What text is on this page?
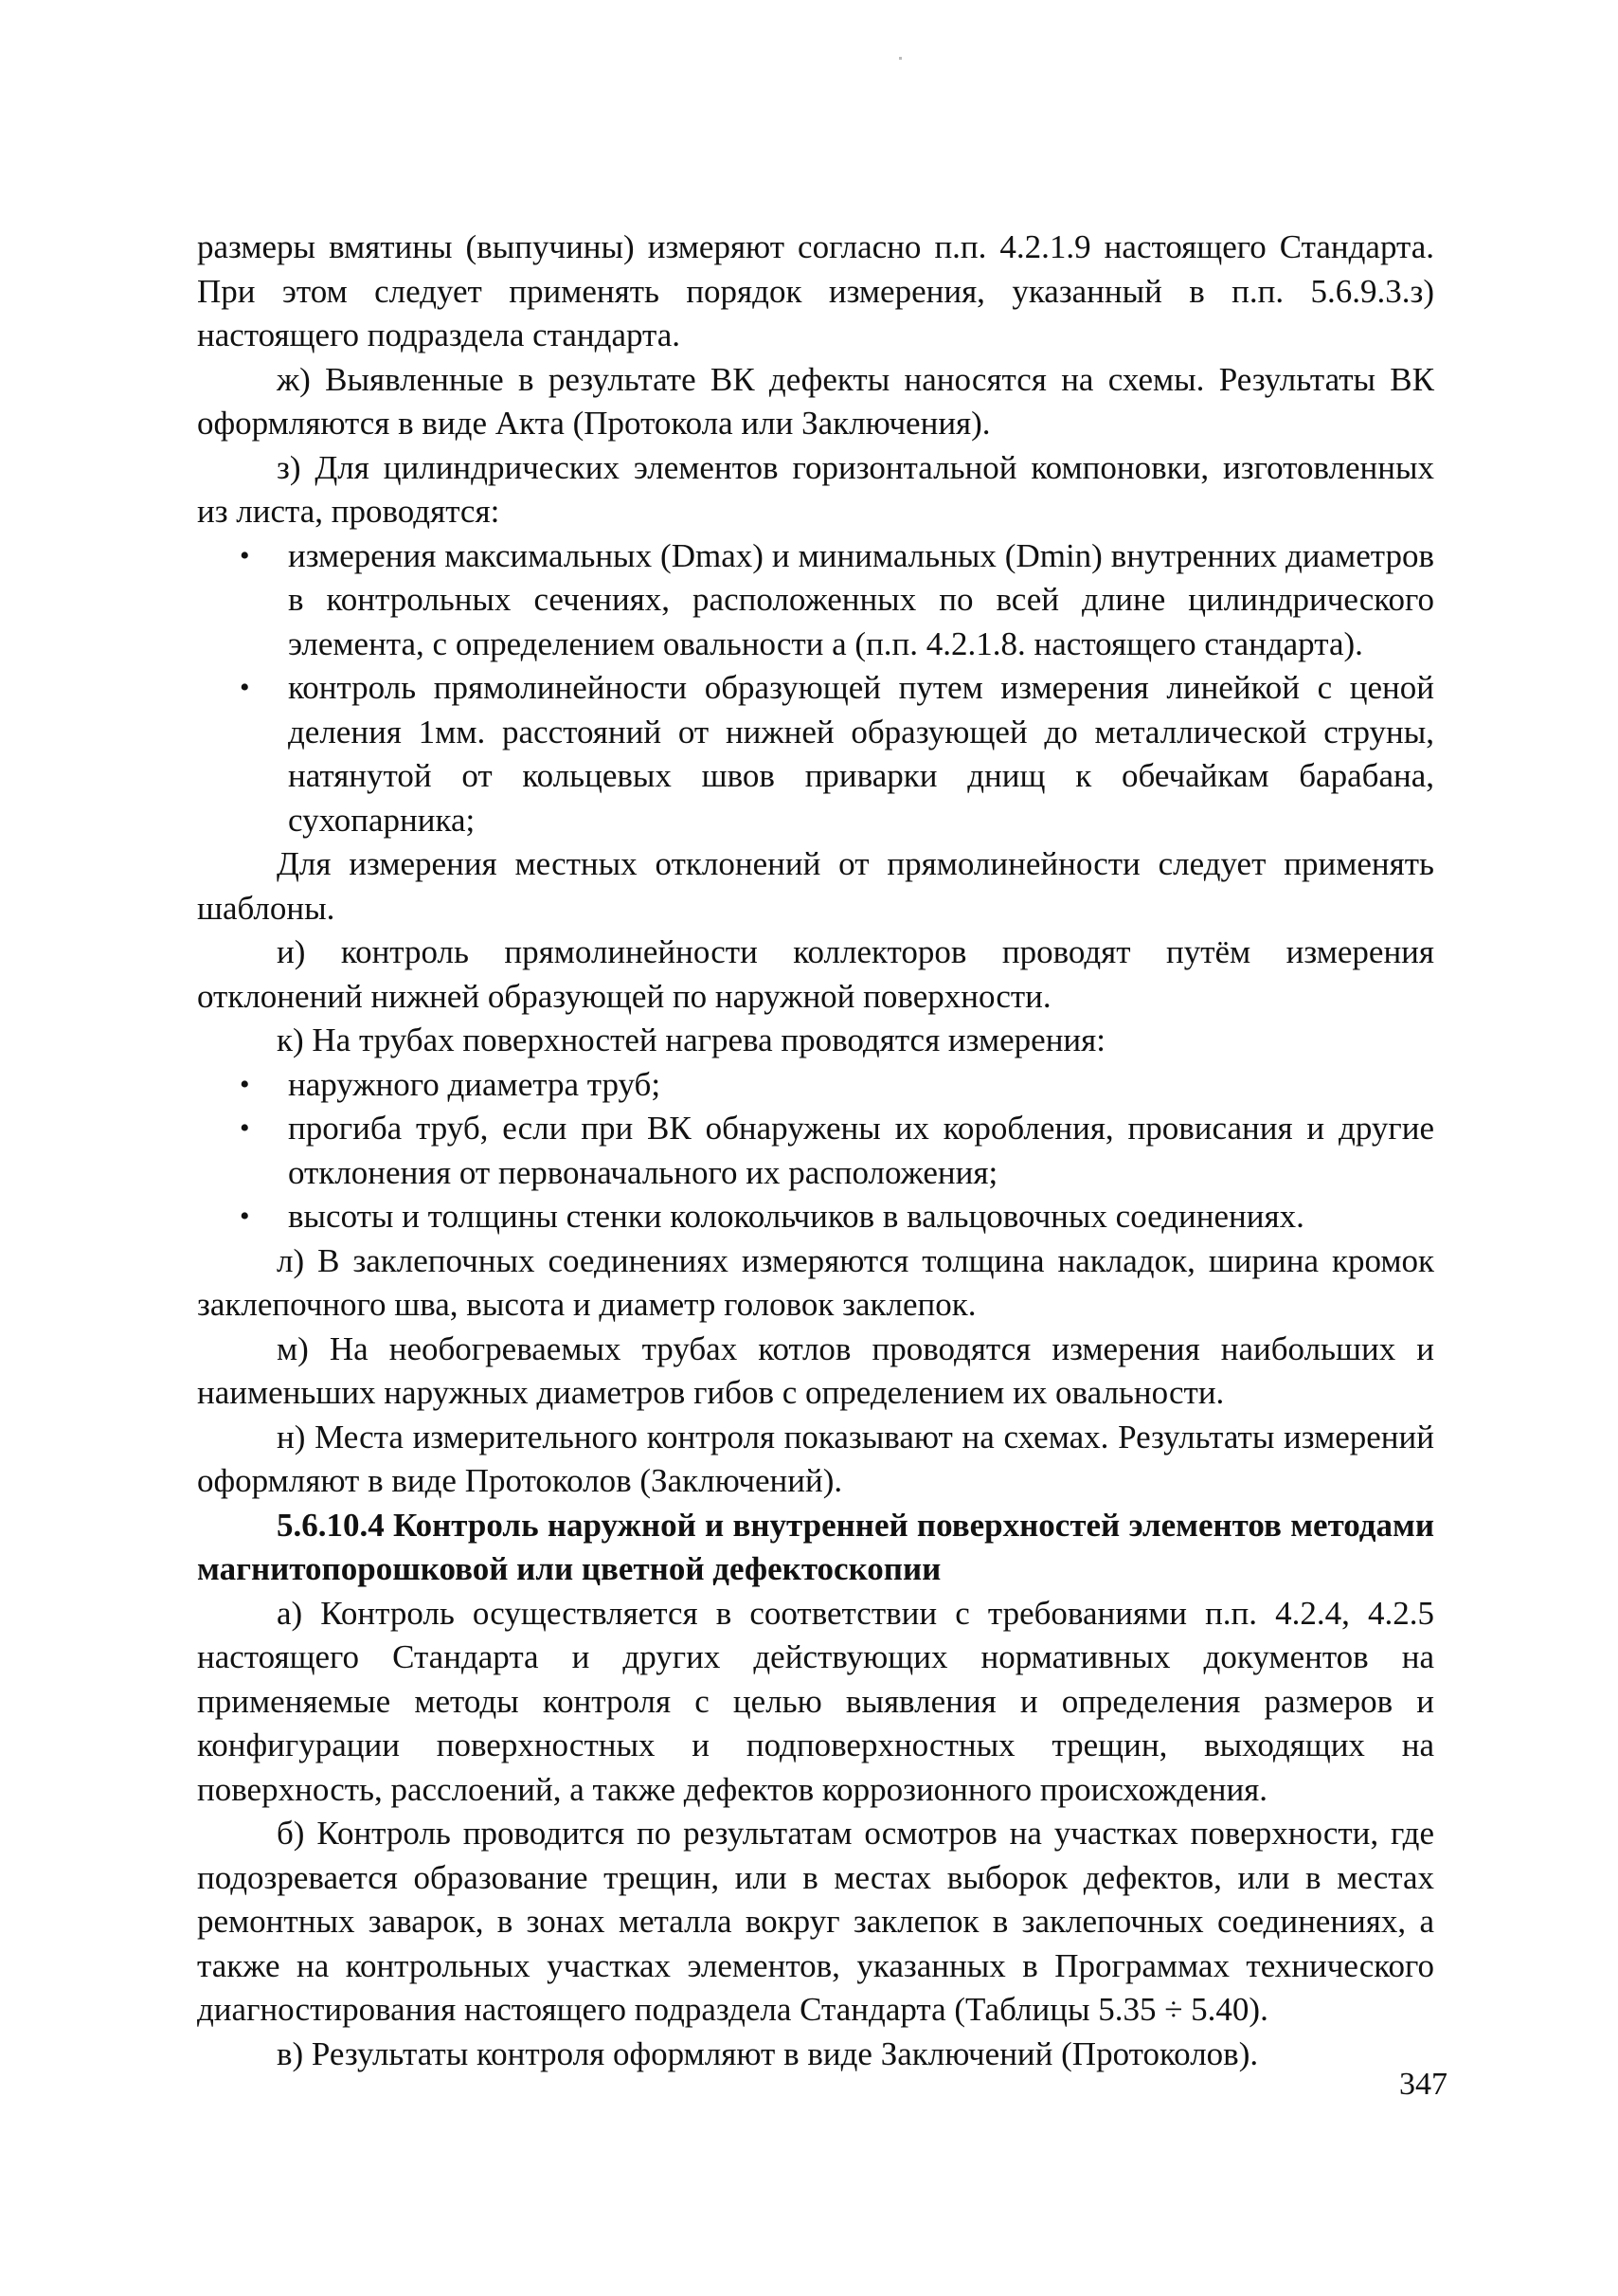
размеры вмятины (выпучины) измеряют согласно п.п. 4.2.1.9 настоящего Стандарта. При этом следует применять порядок измерения, указанный в п.п. 5.6.9.3.з) настоящего подраздела стандарта.

ж) Выявленные в результате ВК дефекты наносятся на схемы. Результаты ВК оформляются в виде Акта (Протокола или Заключения).

з) Для цилиндрических элементов горизонтальной компоновки, изготовленных из листа, проводятся:

• измерения максимальных (Dmax) и минимальных (Dmin) внутренних диаметров в контрольных сечениях, расположенных по всей длине цилиндрического элемента, с определением овальности а (п.п. 4.2.1.8. настоящего стандарта).
• контроль прямолинейности образующей путем измерения линейкой с ценой деления 1мм. расстояний от нижней образующей до металлической струны, натянутой от кольцевых швов приварки днищ к обечайкам барабана, сухопарника;

Для измерения местных отклонений от прямолинейности следует применять шаблоны.

и) контроль прямолинейности коллекторов проводят путём измерения отклонений нижней образующей по наружной поверхности.

к) На трубах поверхностей нагрева проводятся измерения:

• наружного диаметра труб;
• прогиба труб, если при ВК обнаружены их коробления, провисания и другие отклонения от первоначального их расположения;
• высоты и толщины стенки колокольчиков в вальцовочных соединениях.

л) В заклепочных соединениях измеряются толщина накладок, ширина кромок заклепочного шва, высота и диаметр головок заклепок.

м) На необогреваемых трубах котлов проводятся измерения наибольших и наименьших наружных диаметров гибов с определением их овальности.

н) Места измерительного контроля показывают на схемах. Результаты измерений оформляют в виде Протоколов (Заключений).

5.6.10.4 Контроль наружной и внутренней поверхностей элементов методами магнитопорошковой или цветной дефектоскопии

а) Контроль осуществляется в соответствии с требованиями п.п. 4.2.4, 4.2.5 настоящего Стандарта и других действующих нормативных документов на применяемые методы контроля с целью выявления и определения размеров и конфигурации поверхностных и подповерхностных трещин, выходящих на поверхность, расслоений, а также дефектов коррозионного происхождения.

б) Контроль проводится по результатам осмотров на участках поверхности, где подозревается образование трещин, или в местах выборок дефектов, или в местах ремонтных заварок, в зонах металла вокруг заклепок в заклепочных соединениях, а также на контрольных участках элементов, указанных в Программах технического диагностирования настоящего подраздела Стандарта (Таблицы 5.35 ÷ 5.40).

в) Результаты контроля оформляют в виде Заключений (Протоколов).

347
